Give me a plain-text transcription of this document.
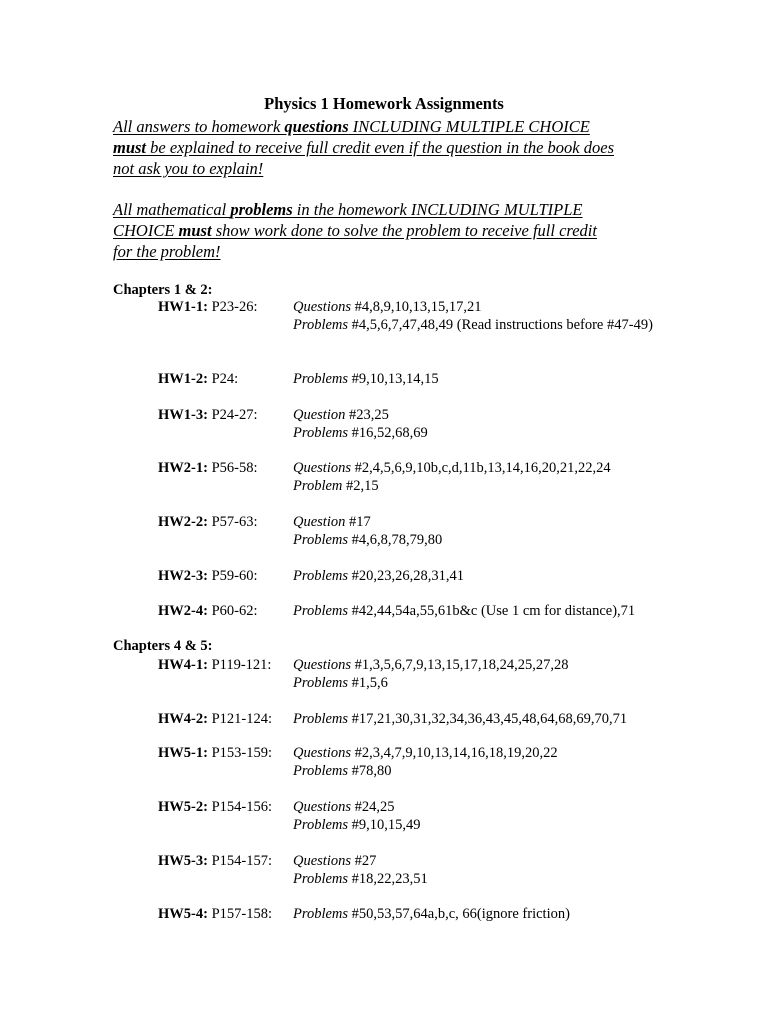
Physics 1 Homework Assignments
All answers to homework questions INCLUDING MULTIPLE CHOICE
must be explained to receive full credit even if the question in the book does
not ask you to explain!
All mathematical problems in the homework INCLUDING MULTIPLE
CHOICE must show work done to solve the problem to receive full credit
for the problem!
Chapters 1 & 2:
Chapters 4 & 5:
HW1-1: P23-26: Questions #4,8,9,10,13,15,17,21
Problems #4,5,6,7,47,48,49 (Read instructions before #47-49)
HW1-2: P24:	Problems #9,10,13,14,15
HW1-3: P24-27: Question #23,25
Problems #16,52,68,69
HW2-1: P56-58: Questions #2,4,5,6,9,10b,c,d,11b,13,14,16,20,21,22,24
Problem #2,15
HW2-2: P57-63: Question #17
Problems #4,6,8,78,79,80
HW2-3: P59-60: Problems #20,23,26,28,31,41
HW2-4: P60-62: Problems #42,44,54a,55,61b&c (Use 1 cm for distance),71
HW4-1: P119-121: Questions #1,3,5,6,7,9,13,15,17,18,24,25,27,28
Problems #1,5,6
HW4-2: P121-124: Problems #17,21,30,31,32,34,36,43,45,48,64,68,69,70,71
HW5-1: P153-159: Questions #2,3,4,7,9,10,13,14,16,18,19,20,22
Problems #78,80
HW5-2: P154-156: Questions #24,25
Problems #9,10,15,49
HW5-3: P154-157: Questions #27
Problems #18,22,23,51
HW5-4: P157-158: Problems #50,53,57,64a,b,c, 66(ignore friction)
